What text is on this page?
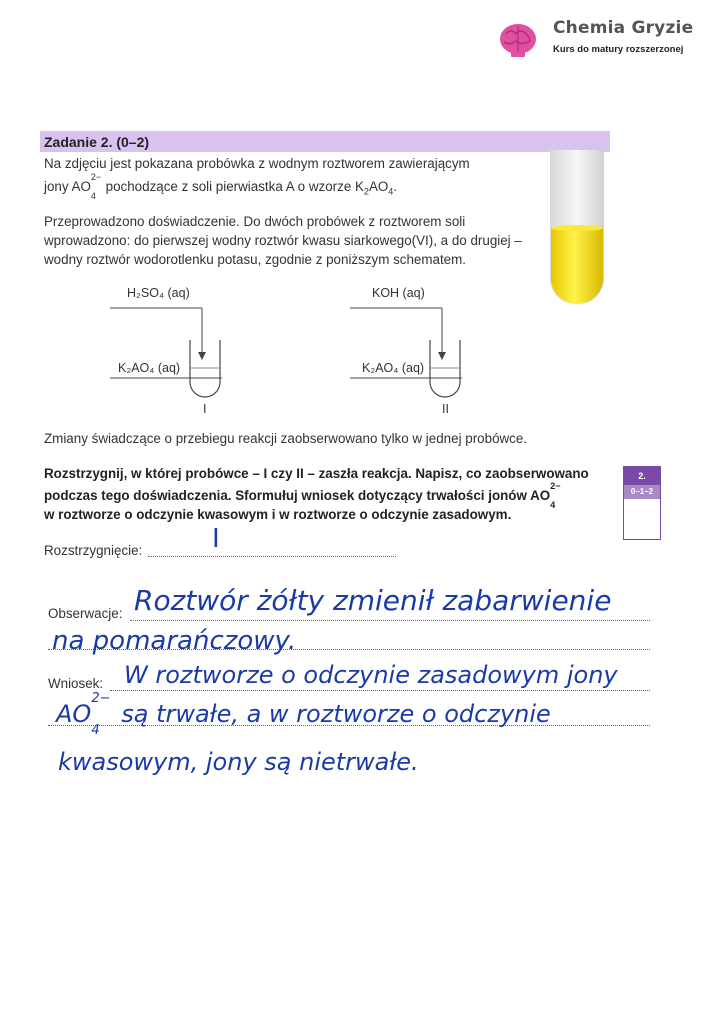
Chemia Gryzie
Kurs do matury rozszerzonej
Zadanie 2. (0–2)
Na zdjęciu jest pokazana probówka z wodnym roztworem zawierającym
jony AO
2−
$_4$ pochodzące z soli pierwiastka A o wzorze $K_2AO_4$.
Przeprowadzono doświadczenie. Do dwóch probówek z roztworem soli
wprowadzono: do pierwszej wodny roztwór kwasu siarkowego(VI), a do drugiej –
wodny roztwór wodorotlenku potasu, zgodnie z poniższym schematem.
H₂SO₄ (aq)
K₂AO₄ (aq)
I
KOH (aq)
K₂AO₄ (aq)
II
Zmiany świadczące o przebiegu reakcji zaobserwowano tylko w jednej probówce.
Rozstrzygnij, w której probówce – I czy II – zaszła reakcja. Napisz, co zaobserwowano
podczas tego doświadczenia. Sformułuj wniosek dotyczący trwałości jonów AO
2−
$_4$
w roztworze o odczynie kwasowym i w roztworze o odczynie zasadowym.
2.
0–1–2
Rozstrzygnięcie:	I
Obserwacje: Roztwór żółty zmienił zabarwienie
na pomarańczowy.
Wniosek: W roztworze o odczynie zasadowym jony
AO
2−
$_4$ są trwałe, a w roztworze o odczynie
kwasowym, jony są nietrwałe.
